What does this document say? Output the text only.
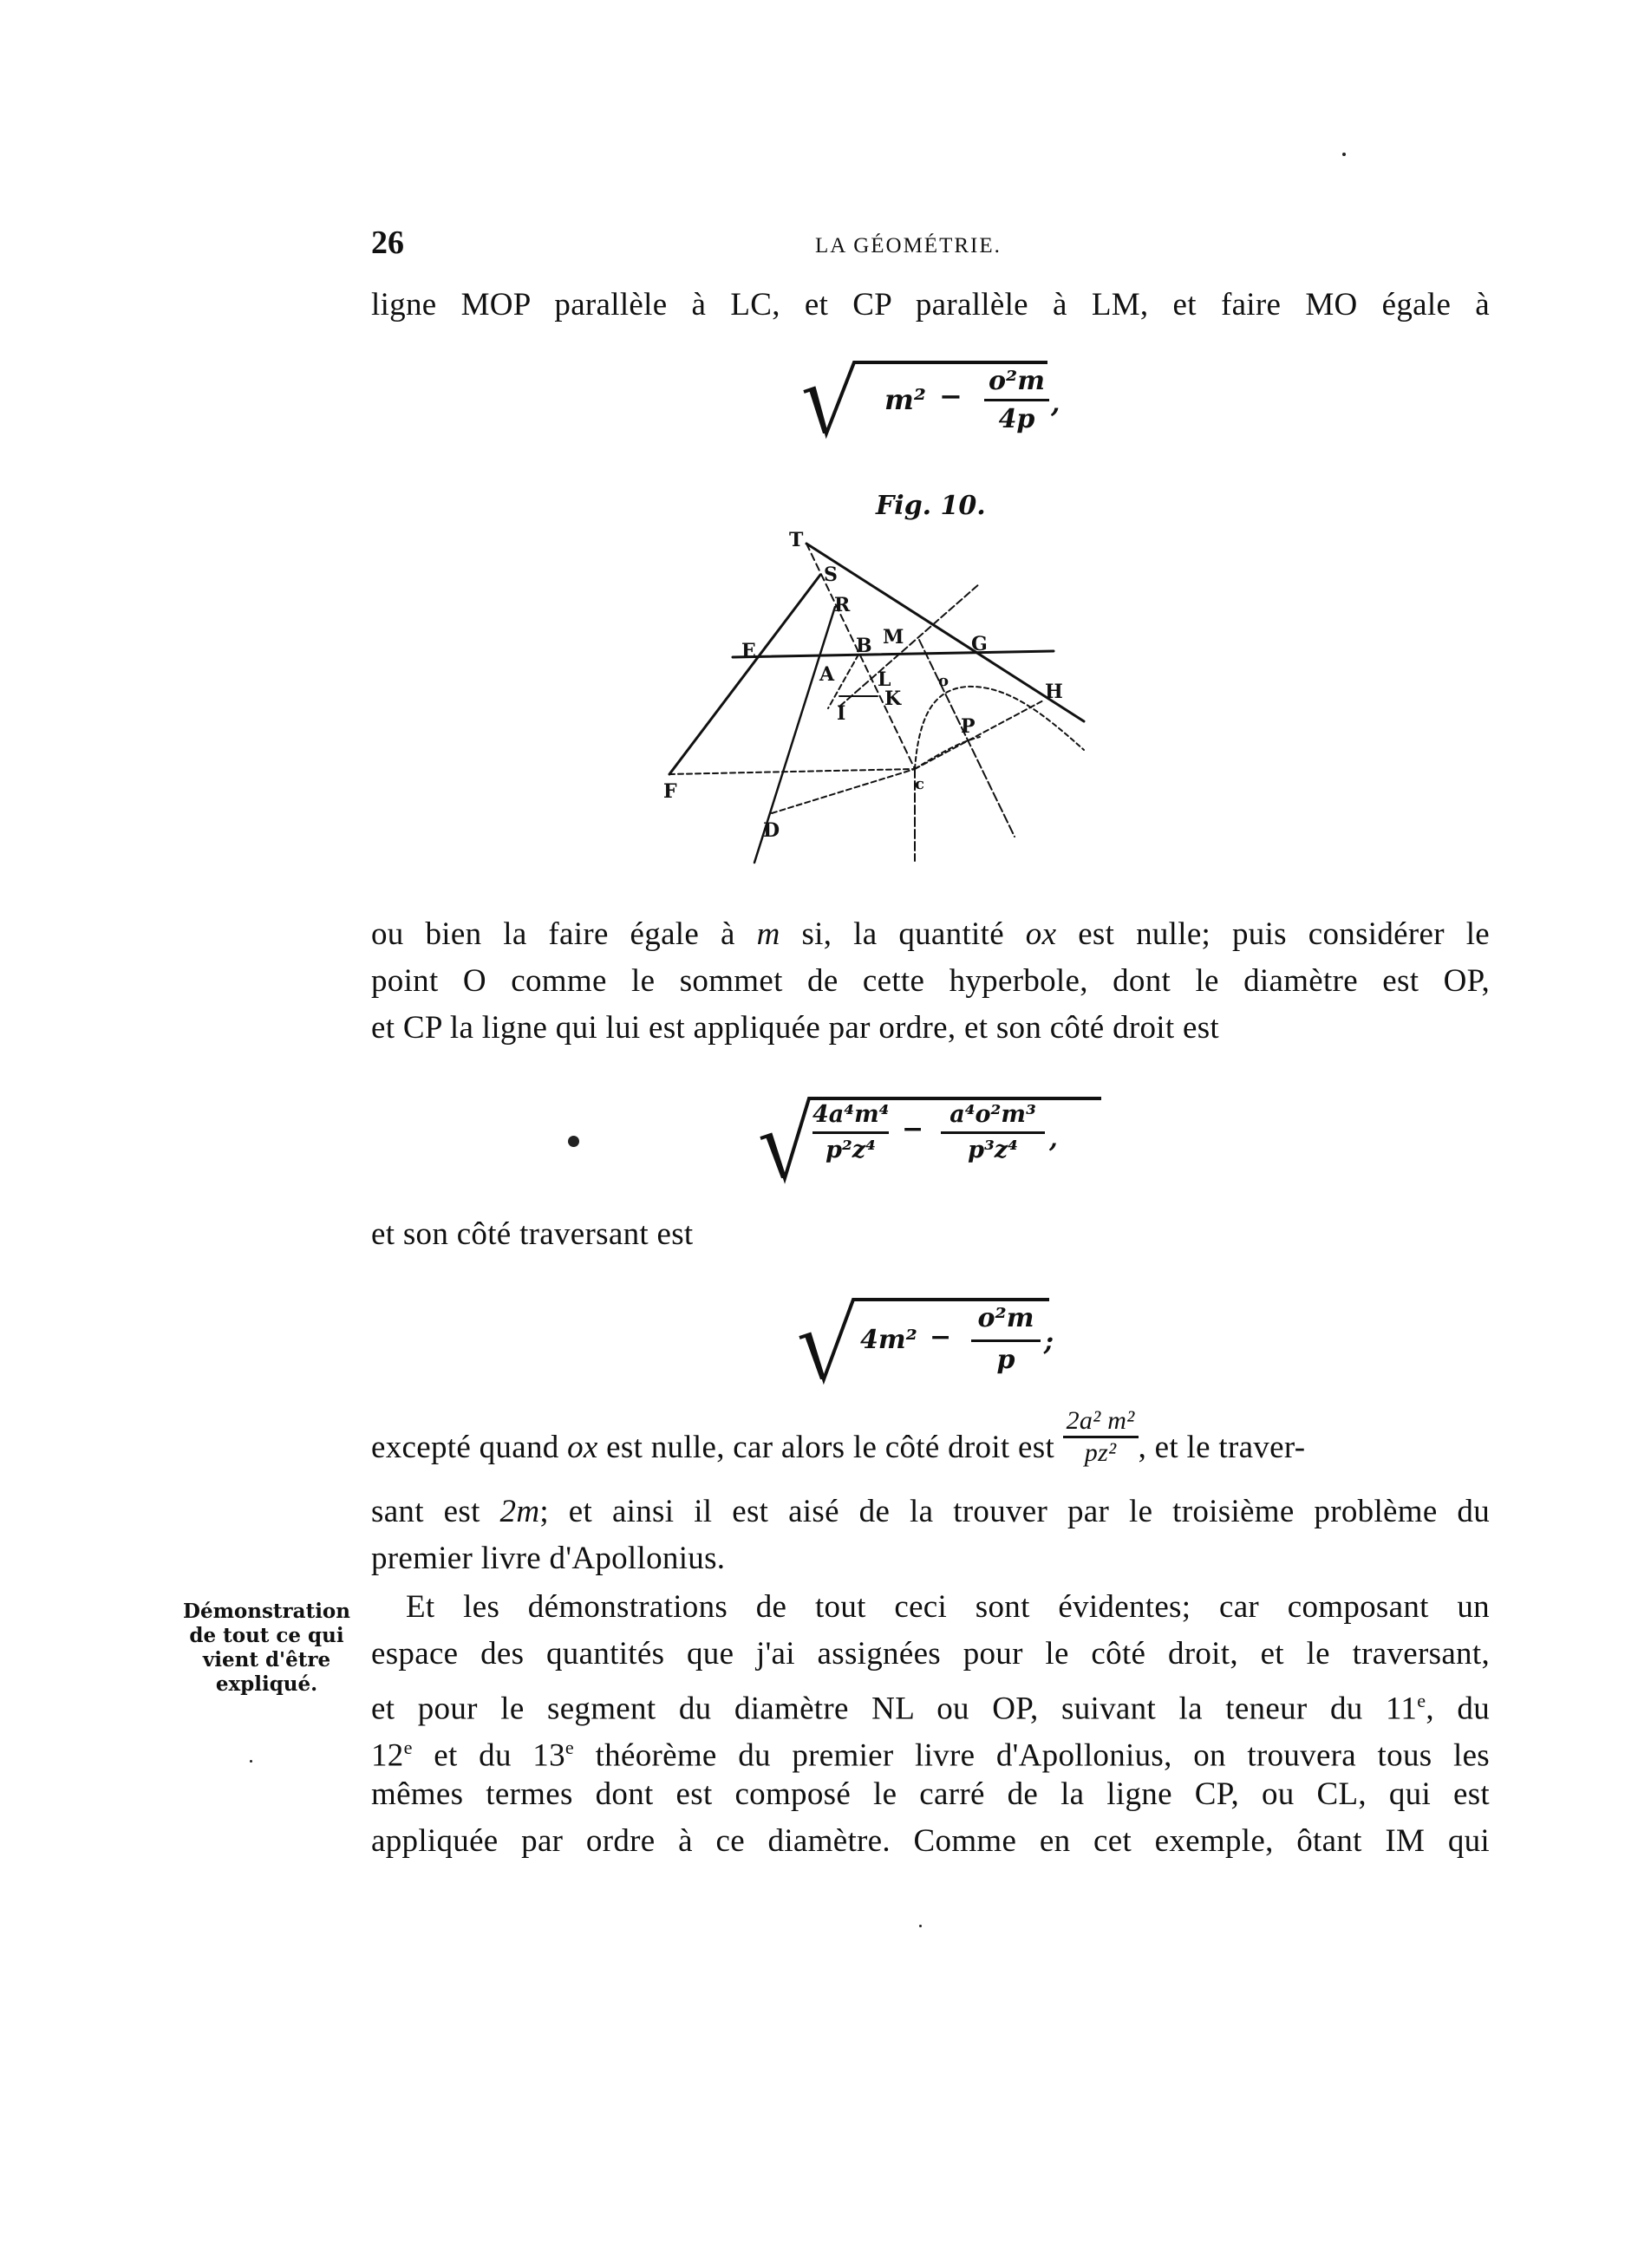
26	LA GÉOMÉTRIE.
ligne MOP parallèle à LC, et CP parallèle à LM, et faire MO égale à
m² − o²m
4p
,
Fig. 10.
T
S
R
E	B M	G
A L
K
I
o	H
P
F	c
D
ou bien la faire égale à m si, la quantité ox est nulle; puis considérer le
point O comme le sommet de cette hyperbole, dont le diamètre est OP,
et CP la ligne qui lui est appliquée par ordre, et son côté droit est
4a⁴m⁴
p²z⁴
−	a⁴o²m³
p³z⁴	,
et son côté traversant est
4m² −
o²m
p
;
excepté quand ox est nulle, car alors le côté droit est $\frac{\text{2a² m²}}{\text{pz²}}$ , et le traver-
sant est 2m; et ainsi il est aisé de la trouver par le troisième problème du
premier livre d'Apollonius.
Démonstration
de tout ce qui
vient d'être
expliqué.
Et les démonstrations de tout ceci sont évidentes; car composant un
espace des quantités que j'ai assignées pour le côté droit, et le traversant,
et pour le segment du diamètre NL ou OP, suivant la teneur du 11e, du
12e et du 13e théorème du premier livre d'Apollonius, on trouvera tous les
mêmes termes dont est composé le carré de la ligne CP, ou CL, qui est
appliquée par ordre à ce diamètre. Comme en cet exemple, ôtant IM qui
